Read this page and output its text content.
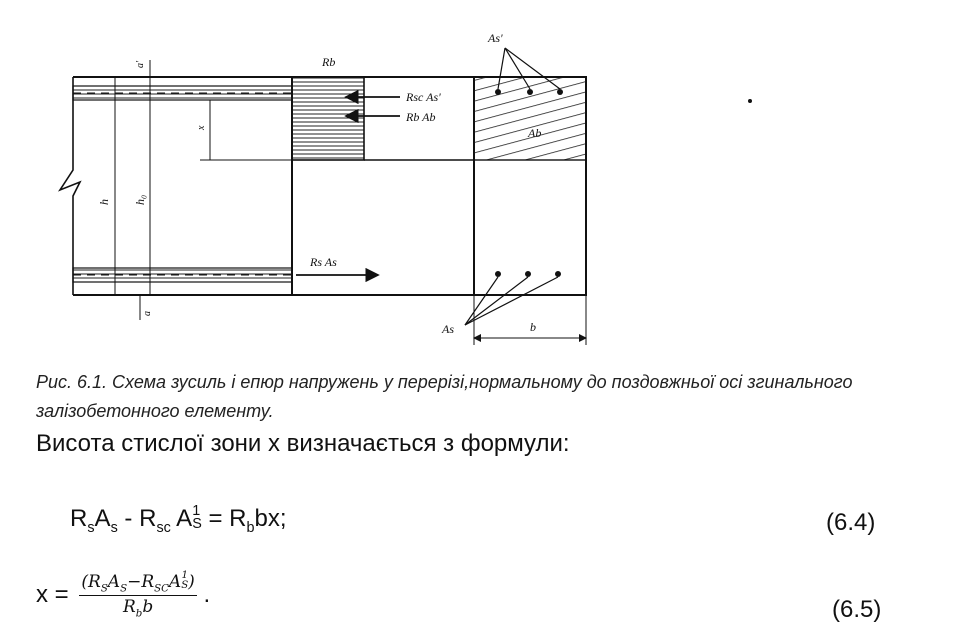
a'
x
h h₀
a
Rb
Rsc As'
Rb Ab
Rs As
As'
Ab
As	b
Рис. 6.1. Схема зусиль і епюр напружень у перерізі,нормальному до поздовжньої осі згинального залізобетонного елементу.
Висота стислої зони x визначається з формули:
$R_sA_s - R_{sc}$ A 1
$S = R_bbx$;	(6.4)
$x = (R_SA_S-R_{SC}A$ 1
S )
$R_bb$ .
(6.5)
